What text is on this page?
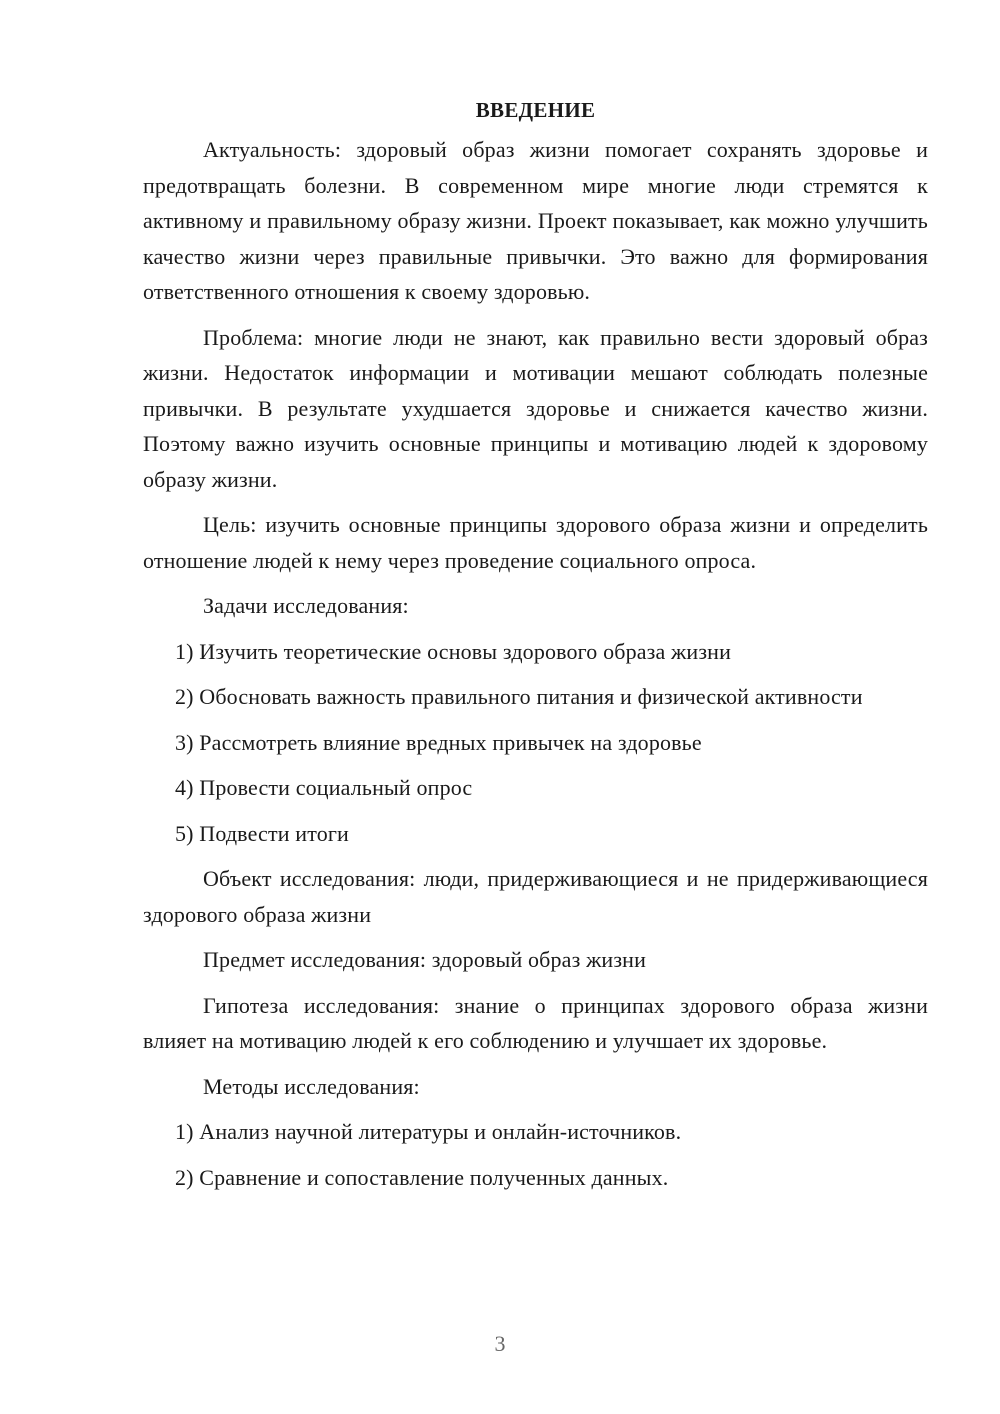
ВВЕДЕНИЕ

Актуальность: здоровый образ жизни помогает сохранять здоровье и предотвращать болезни. В современном мире многие люди стремятся к активному и правильному образу жизни. Проект показывает, как можно улучшить качество жизни через правильные привычки. Это важно для формирования ответственного отношения к своему здоровью.

Проблема: многие люди не знают, как правильно вести здоровый образ жизни. Недостаток информации и мотивации мешают соблюдать полезные привычки. В результате ухудшается здоровье и снижается качество жизни. Поэтому важно изучить основные принципы и мотивацию людей к здоровому образу жизни.

Цель: изучить основные принципы здорового образа жизни и определить отношение людей к нему через проведение социального опроса.

Задачи исследования:

1) Изучить теоретические основы здорового образа жизни

2) Обосновать важность правильного питания и физической активности

3) Рассмотреть влияние вредных привычек на здоровье

4) Провести социальный опрос

5) Подвести итоги

Объект исследования: люди, придерживающиеся и не придерживающиеся здорового образа жизни

Предмет исследования: здоровый образ жизни

Гипотеза исследования: знание о принципах здорового образа жизни влияет на мотивацию людей к его соблюдению и улучшает их здоровье.

Методы исследования:

1) Анализ научной литературы и онлайн-источников.

2) Сравнение и сопоставление полученных данных.

3
